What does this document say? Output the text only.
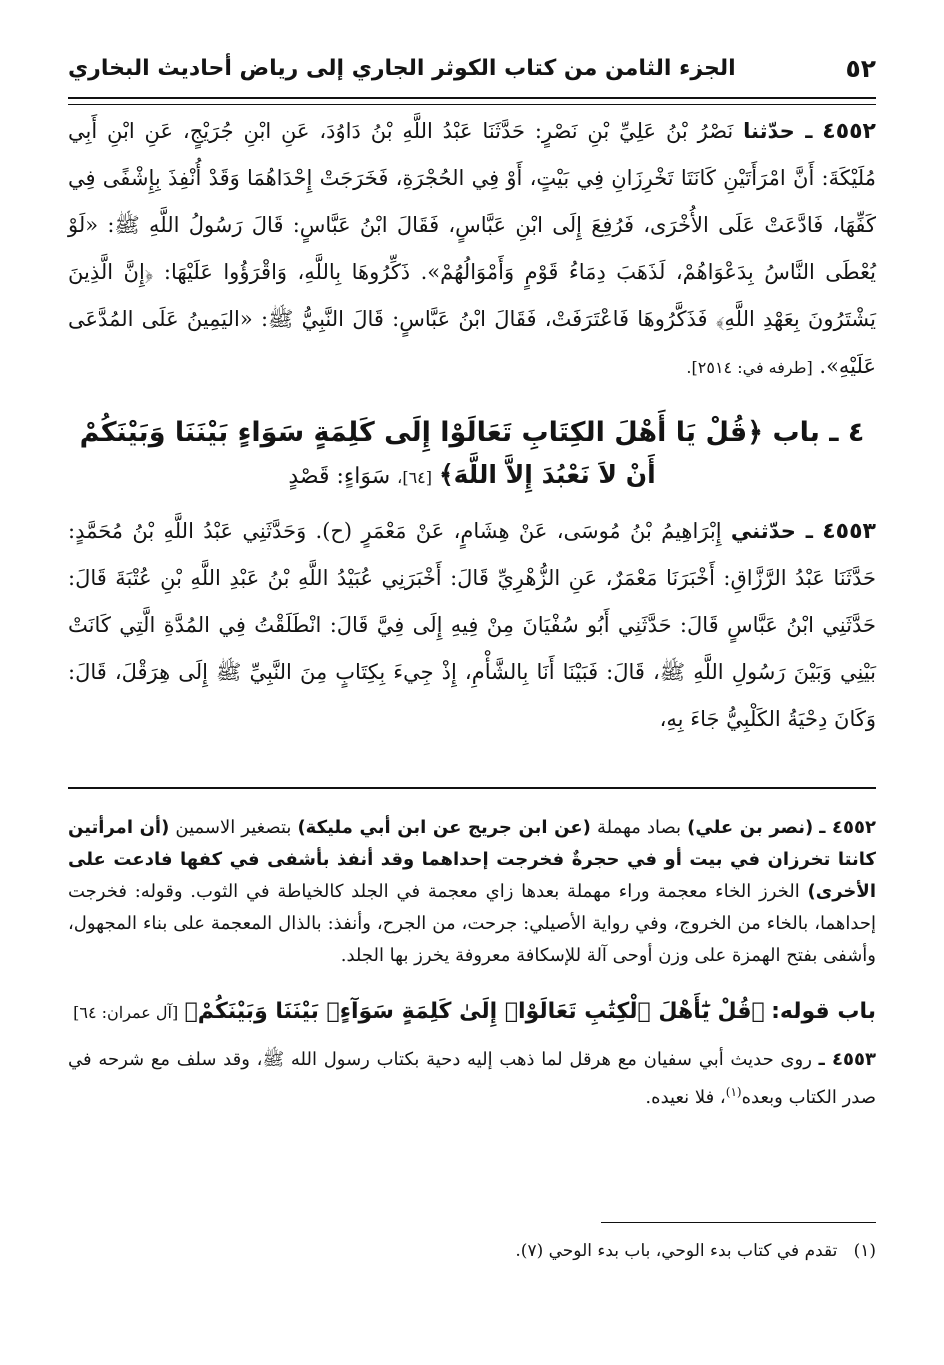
٥٢
الجزء الثامن من كتاب الكوثر الجاري إلى رياض أحاديث البخاري

٤٥٥٢ ـ حدّثنا نَصْرُ بْنُ عَلِيِّ بْنِ نَصْرٍ: حَدَّثَنَا عَبْدُ اللَّهِ بْنُ دَاوُدَ، عَنِ ابْنِ جُرَيْجٍ، عَنِ ابْنِ أَبِي مُلَيْكَةَ: أَنَّ امْرَأَتَيْنِ كَانَتَا تَخْرِزَانِ فِي بَيْتٍ، أَوْ فِي الحُجْرَةِ، فَخَرَجَتْ إِحْدَاهُمَا وَقَدْ أُنْفِذَ بِإِشْفًى فِي كَفِّهَا، فَادَّعَتْ عَلَى الأُخْرَى، فَرُفِعَ إِلَى ابْنِ عَبَّاسٍ، فَقَالَ ابْنُ عَبَّاسٍ: قَالَ رَسُولُ اللَّهِ ﷺ: «لَوْ يُعْطَى النَّاسُ بِدَعْوَاهُمْ، لَذَهَبَ دِمَاءُ قَوْمٍ وَأَمْوَالُهُمْ». ذَكِّرُوهَا بِاللَّهِ، وَاقْرَؤُوا عَلَيْهَا: ﴿إِنَّ الَّذِينَ يَشْتَرُونَ بِعَهْدِ اللَّهِ﴾ فَذَكَّرُوهَا فَاعْتَرَفَتْ، فَقَالَ ابْنُ عَبَّاسٍ: قَالَ النَّبِيُّ ﷺ: «اليَمِينُ عَلَى المُدَّعَى عَلَيْهِ». [طرفه في: ٢٥١٤].

٤ ـ باب ﴿قُلْ يَا أَهْلَ الكِتَابِ تَعَالَوْا إِلَى كَلِمَةٍ سَوَاءٍ بَيْنَنَا وَبَيْنَكُمْ
أَنْ لاَ نَعْبُدَ إِلاَّ اللَّهَ﴾ [٦٤]، سَوَاءٍ: قَصْدٍ

٤٥٥٣ ـ حدّثني إِبْرَاهِيمُ بْنُ مُوسَى، عَنْ هِشَامٍ، عَنْ مَعْمَرٍ (ح). وَحَدَّثَنِي عَبْدُ اللَّهِ بْنُ مُحَمَّدٍ: حَدَّثَنَا عَبْدُ الرَّزَّاقِ: أَخْبَرَنَا مَعْمَرٌ، عَنِ الزُّهْرِيِّ قَالَ: أَخْبَرَنِي عُبَيْدُ اللَّهِ بْنُ عَبْدِ اللَّهِ بْنِ عُتْبَةَ قَالَ: حَدَّثَنِي ابْنُ عَبَّاسٍ قَالَ: حَدَّثَنِي أَبُو سُفْيَانَ مِنْ فِيهِ إِلَى فِيَّ قَالَ: انْطَلَقْتُ فِي المُدَّةِ الَّتِي كَانَتْ بَيْنِي وَبَيْنَ رَسُولِ اللَّهِ ﷺ، قَالَ: فَبَيْنَا أَنَا بِالشَّأْمِ، إِذْ جِيءَ بِكِتَابٍ مِنَ النَّبِيِّ ﷺ إِلَى هِرَقْلَ، قَالَ: وَكَانَ دِحْيَةُ الكَلْبِيُّ جَاءَ بِهِ،

٤٥٥٢ ـ (نصر بن علي) بصاد مهملة (عن ابن جريج عن ابن أبي مليكة) بتصغير الاسمين (أن امرأتين كانتا تخرزان في بيت أو في حجرةٌ فخرجت إحداهما وقد أنفذ بأشفى في كفها فادعت على الأخرى) الخرز الخاء معجمة وراء مهملة بعدها زاي معجمة في الجلد كالخياطة في الثوب. وقوله: فخرجت إحداهما، بالخاء من الخروج، وفي رواية الأصيلي: جرحت، من الجرح، وأنفذ: بالذال المعجمة على بناء المجهول، وأشفى بفتح الهمزة على وزن أوحى آلة للإسكافة معروفة يخرز بها الجلد.

باب قوله: ﴿قُلْ يَٰٓأَهْلَ ٱلْكِتَٰبِ تَعَالَوْا۟ إِلَىٰ كَلِمَةٍ سَوَآءٍۭ بَيْنَنَا وَبَيْنَكُمْ﴾ [آل عمران: ٦٤]

٤٥٥٣ ـ روى حديث أبي سفيان مع هرقل لما ذهب إليه دحية بكتاب رسول الله ﷺ، وقد سلف مع شرحه في صدر الكتاب وبعده$^{(١)}$، فلا نعيده.

(١)   تقدم في كتاب بدء الوحي، باب بدء الوحي (٧).
